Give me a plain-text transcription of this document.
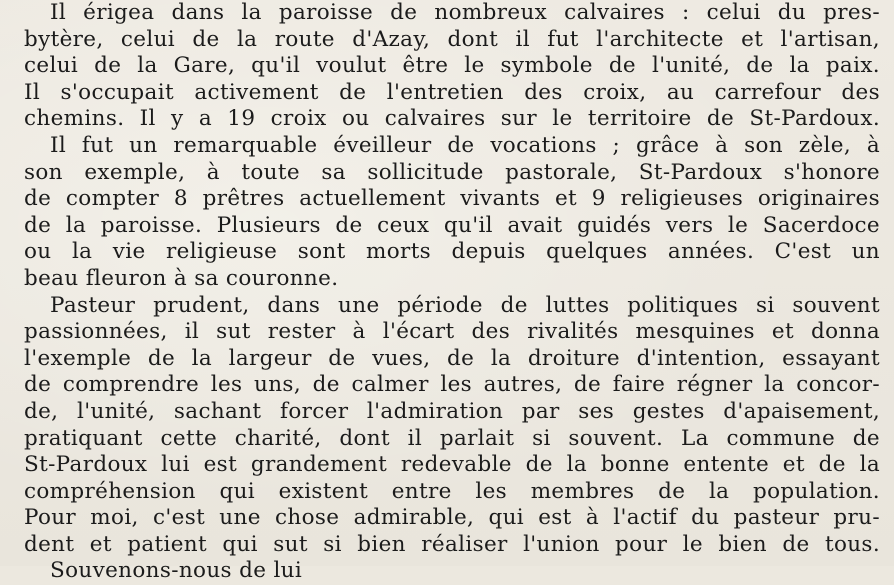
Il érigea dans la paroisse de nombreux calvaires : celui du pres-
bytère, celui de la route d'Azay, dont il fut l'architecte et l'artisan,
celui de la Gare, qu'il voulut être le symbole de l'unité, de la paix.
Il s'occupait activement de l'entretien des croix, au carrefour des
chemins. Il y a 19 croix ou calvaires sur le territoire de St-Pardoux.
Il fut un remarquable éveilleur de vocations ; grâce à son zèle, à
son exemple, à toute sa sollicitude pastorale, St-Pardoux s'honore
de compter 8 prêtres actuellement vivants et 9 religieuses originaires
de la paroisse. Plusieurs de ceux qu'il avait guidés vers le Sacerdoce
ou la vie religieuse sont morts depuis quelques années. C'est un
beau fleuron à sa couronne.
Pasteur prudent, dans une période de luttes politiques si souvent
passionnées, il sut rester à l'écart des rivalités mesquines et donna
l'exemple de la largeur de vues, de la droiture d'intention, essayant
de comprendre les uns, de calmer les autres, de faire régner la concor-
de, l'unité, sachant forcer l'admiration par ses gestes d'apaisement,
pratiquant cette charité, dont il parlait si souvent. La commune de
St-Pardoux lui est grandement redevable de la bonne entente et de la
compréhension qui existent entre les membres de la population.
Pour moi, c'est une chose admirable, qui est à l'actif du pasteur pru-
dent et patient qui sut si bien réaliser l'union pour le bien de tous.
Souvenons-nous de lui
